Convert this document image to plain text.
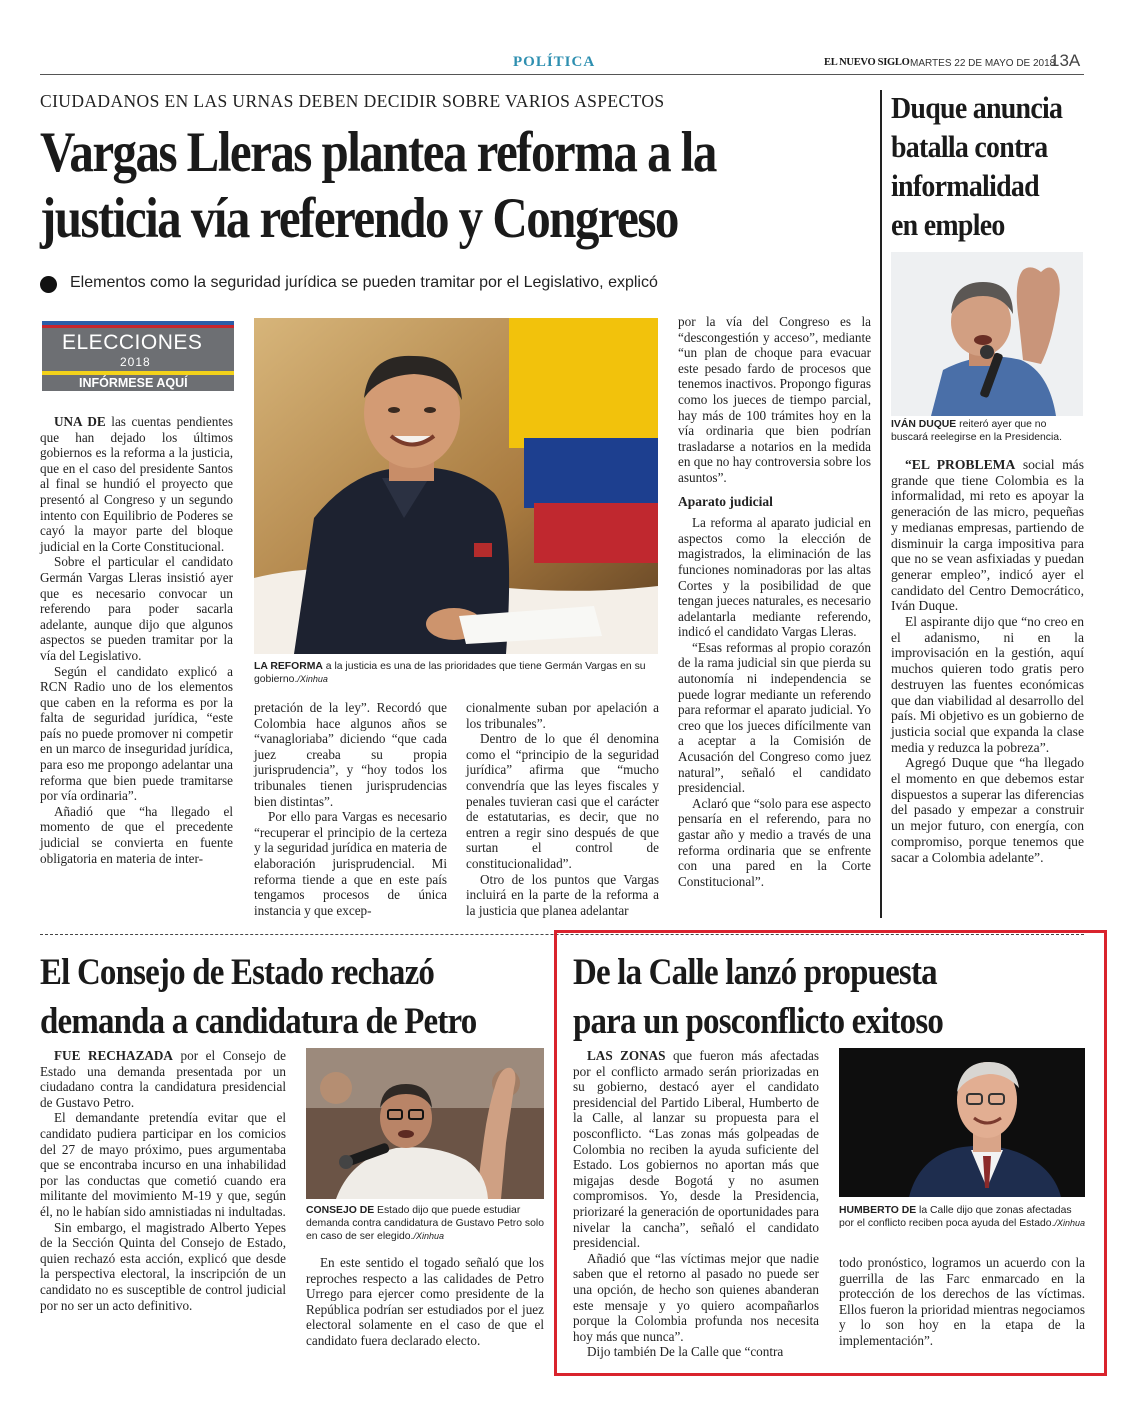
POLÍTICA	EL NUEVO SIGLO MARTES 22 DE MAYO DE 2018
13A
CIUDADANOS EN LAS URNAS DEBEN DECIDIR SOBRE VARIOS ASPECTOS
Vargas Lleras plantea reforma a la
justicia vía referendo y Congreso
Elementos como la seguridad jurídica se pueden tramitar por el Legislativo, explicó
ELECCIONES
2018
INFÓRMESE AQUÍ

UNA DE las cuentas pendientes que han dejado los últimos gobiernos es la reforma a la justicia, que en el caso del presidente Santos al final se hundió el proyecto que presentó al Congreso y un segundo intento con Equilibrio de Poderes se cayó la mayor parte del bloque judicial en la Corte Constitucional.

Sobre el particular el candidato Germán Vargas Lleras insistió ayer que es necesario convocar un referendo para poder sacarla adelante, aunque dijo que algunos aspectos se pueden tramitar por la vía del Legislativo.

Según el candidato explicó a RCN Radio uno de los elementos que caben en la reforma es por la falta de seguridad jurídica, “este país no puede promover ni competir en un marco de inseguridad jurídica, para eso me propongo adelantar una reforma que bien puede tramitarse por vía ordinaria”.

Añadió que “ha llegado el momento de que el precedente judicial se convierta en fuente obligatoria en materia de inter-

LA REFORMA a la justicia es una de las prioridades que tiene Germán Vargas en su gobierno./Xinhua

pretación de la ley”. Recordó que Colombia hace algunos años se “vanagloriaba” diciendo “que cada juez creaba su propia jurisprudencia”, y “hoy todos los tribunales tienen jurisprudencias bien distintas”.

Por ello para Vargas es necesario “recuperar el principio de la certeza y la seguridad jurídica en materia de elaboración jurisprudencial. Mi reforma tiende a que en este país tengamos procesos de única instancia y que excep-

cionalmente suban por apelación a los tribunales”.

Dentro de lo que él denomina como el “principio de la seguridad jurídica” afirma que “mucho convendría que las leyes fiscales y penales tuvieran casi que el carácter de estatutarias, es decir, que no entren a regir sino después de que surtan el control de constitucionalidad”.

Otro de los puntos que Vargas incluirá en la parte de la reforma a la justicia que planea adelantar

por la vía del Congreso es la “descongestión y acceso”, mediante “un plan de choque para evacuar este pesado fardo de procesos que tenemos inactivos. Propongo figuras como los jueces de tiempo parcial, hay más de 100 trámites hoy en la vía ordinaria que bien podrían trasladarse a notarios en la medida en que no hay controversia sobre los asuntos”.

Aparato judicial

La reforma al aparato judicial en aspectos como la elección de magistrados, la eliminación de las funciones nominadoras por las altas Cortes y la posibilidad de que tengan jueces naturales, es necesario adelantarla mediante referendo, indicó el candidato Vargas Lleras.

“Esas reformas al propio corazón de la rama judicial sin que pierda su autonomía ni independencia se puede lograr mediante un referendo para reformar el aparato judicial. Yo creo que los jueces difícilmente van a aceptar a la Comisión de Acusación del Congreso como juez natural”, señaló el candidato presidencial.

Aclaró que “solo para ese aspecto pensaría en el referendo, para no gastar año y medio a través de una reforma ordinaria que se enfrente con una pared en la Corte Constitucional”.

Duque anuncia batalla contra informalidad en empleo
IVÁN DUQUE reiteró ayer que no buscará reelegirse en la Presidencia.

“EL PROBLEMA social más grande que tiene Colombia es la informalidad, mi reto es apoyar la generación de las micro, pequeñas y medianas empresas, partiendo de disminuir la carga impositiva para que no se vean asfixiadas y puedan generar empleo”, indicó ayer el candidato del Centro Democrático, Iván Duque.

El aspirante dijo que “no creo en el adanismo, ni en la improvisación en la gestión, aquí muchos quieren todo gratis pero destruyen las fuentes económicas que dan viabilidad al desarrollo del país. Mi objetivo es un gobierno de justicia social que expanda la clase media y reduzca la pobreza”.

Agregó Duque que “ha llegado el momento en que debemos estar dispuestos a superar las diferencias del pasado y empezar a construir un mejor futuro, con energía, con compromiso, porque tenemos que sacar a Colombia adelante”.

El Consejo de Estado rechazó
demanda a candidatura de Petro

FUE RECHAZADA por el Consejo de Estado una demanda presentada por un ciudadano contra la candidatura presidencial de Gustavo Petro.

El demandante pretendía evitar que el candidato pudiera participar en los comicios del 27 de mayo próximo, pues argumentaba que se encontraba incurso en una inhabilidad por las conductas que cometió cuando era militante del movimiento M-19 y que, según él, no le habían sido amnistiadas ni indultadas.

Sin embargo, el magistrado Alberto Yepes de la Sección Quinta del Consejo de Estado, quien rechazó esta acción, explicó que desde la perspectiva electoral, la inscripción de un candidato no es susceptible de control judicial por no ser un acto definitivo.

CONSEJO DE Estado dijo que puede estudiar demanda contra candidatura de Gustavo Petro solo en caso de ser elegido./Xinhua

En este sentido el togado señaló que los reproches respecto a las calidades de Petro Urrego para ejercer como presidente de la República podrían ser estudiados por el juez electoral solamente en el caso de que el candidato fuera declarado electo.

De la Calle lanzó propuesta
para un posconflicto exitoso

LAS ZONAS que fueron más afectadas por el conflicto armado serán priorizadas en su gobierno, destacó ayer el candidato presidencial del Partido Liberal, Humberto de la Calle, al lanzar su propuesta para el posconflicto. “Las zonas más golpeadas de Colombia no reciben la ayuda suficiente del Estado. Los gobiernos no aportan más que migajas desde Bogotá y no asumen compromisos. Yo, desde la Presidencia, priorizaré la generación de oportunidades para nivelar la cancha”, señaló el candidato presidencial.

Añadió que “las víctimas mejor que nadie saben que el retorno al pasado no puede ser una opción, de hecho son quienes abanderan este mensaje y yo quiero acompañarlos porque la Colombia profunda nos necesita hoy más que nunca”.

Dijo también De la Calle que “contra

HUMBERTO DE la Calle dijo que zonas afectadas por el conflicto reciben poca ayuda del Estado./Xinhua

todo pronóstico, logramos un acuerdo con la guerrilla de las Farc enmarcado en la protección de los derechos de las víctimas. Ellos fueron la prioridad mientras negociamos y lo son hoy en la etapa de la implementación”.
